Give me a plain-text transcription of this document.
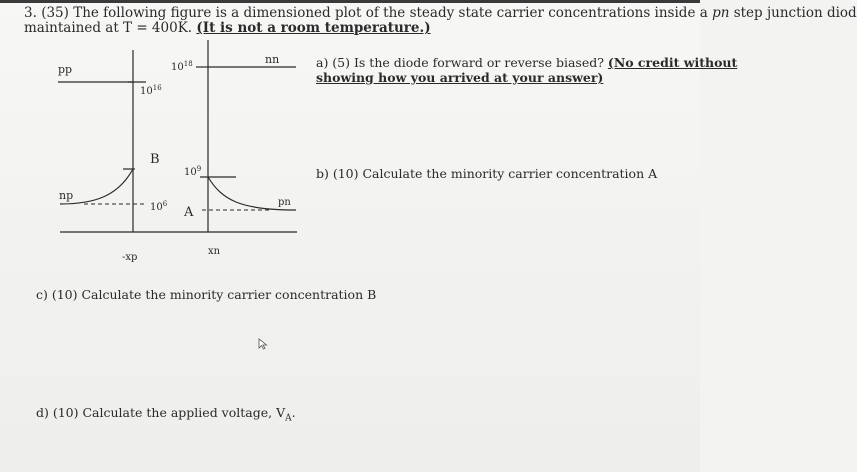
3. (35) The following figure is a dimensioned plot of the steady state carrier concentrations inside a pn step junction diod
maintained at T = 400K. (It is not a room temperature.)
a) (5) Is the diode forward or reverse biased? (No credit without
showing how you arrived at your answer)
b) (10) Calculate the minority carrier concentration A
c) (10) Calculate the minority carrier concentration B
d) (10) Calculate the applied voltage, $V_A$.
pp
nn
np
pn
$10^{16}$
$10^{18}$
$10^9$
$10^6$
B
A
-xp
xn
